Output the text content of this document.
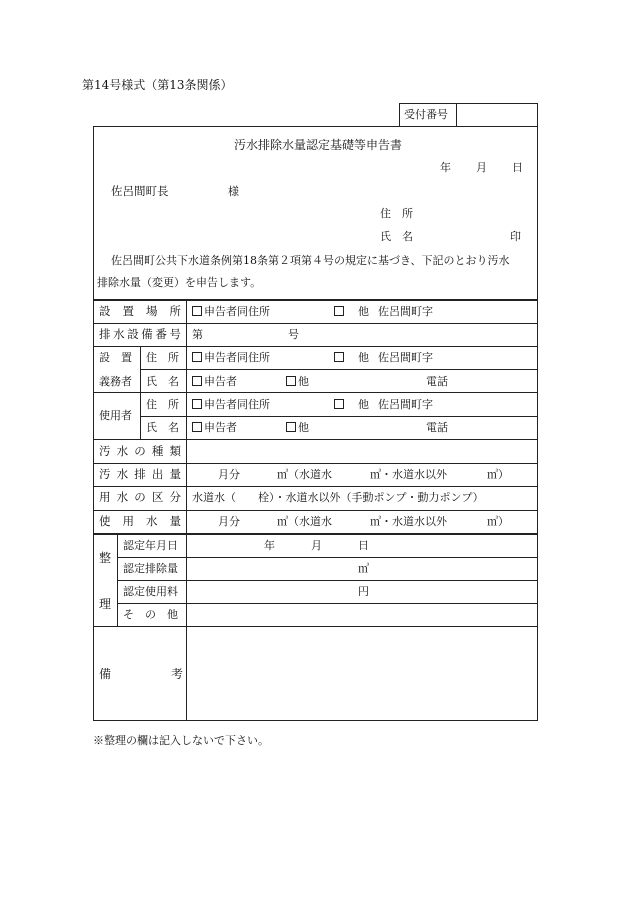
第14号様式（第13条関係）
受付番号
汚水排除水量認定基礎等申告書
年 月 日
佐呂間町長	様
住　所
氏　名	印
佐呂間町公共下水道条例第18条第２項第４号の規定に基づき、下記のとおり汚水
排除水量（変更）を申告します。
設 置 場 所	申告者同住所	他 佐呂間町字
排 水 設 備 番 号 第	号
設　置
義務者
住　所	申告者同住所	他 佐呂間町字
氏　名	申告者	他	電話
使用者
住　所	申告者同住所	他 佐呂間町字
氏　名	申告者	他	電話
汚 水 の 種 類
汚 水 排 出 量	月分	㎥（水道水	㎥・水道水以外	㎥）
用 水 の 区 分 水道水（　　栓）・水道水以外（手動ポンプ・動力ポンプ）
使 用 水 量	月分	㎥（水道水	㎥・水道水以外	㎥）
整
理
認定年月日	年	月	日
認定排除量	㎥
認定使用料	円
そ　の　他
備	考
※整理の欄は記入しないで下さい。
